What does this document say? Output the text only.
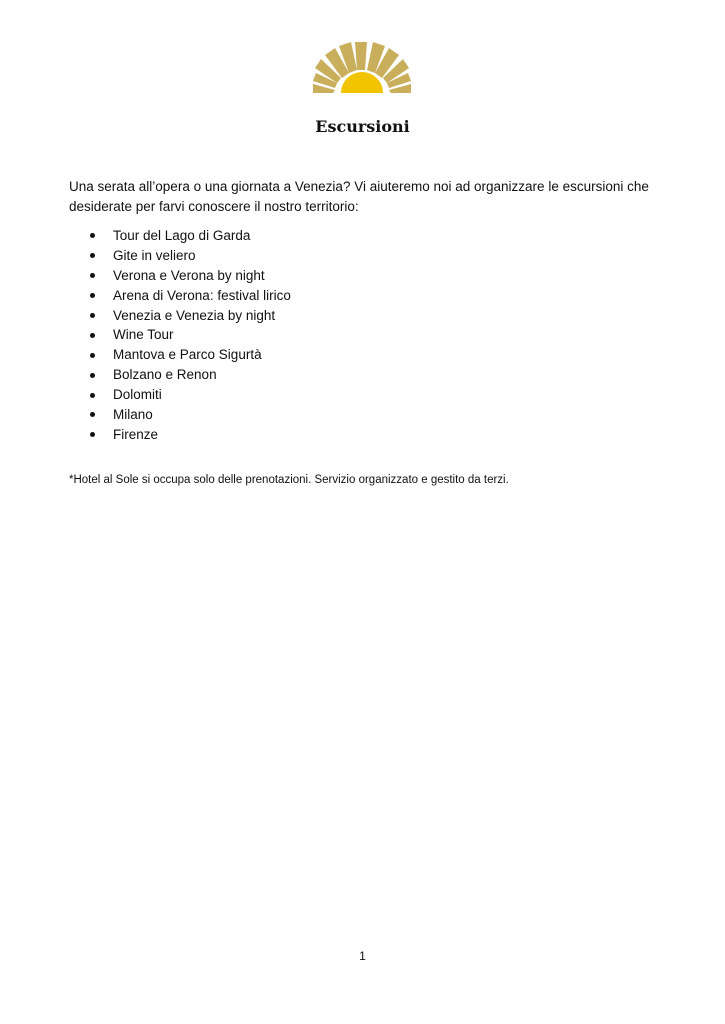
Escursioni

Una serata all’opera o una giornata a Venezia? Vi aiuteremo noi ad organizzare le escursioni che desiderate per farvi conoscere il nostro territorio:

Tour del Lago di Garda
Gite in veliero
Verona e Verona by night
Arena di Verona: festival lirico
Venezia e Venezia by night
Wine Tour
Mantova e Parco Sigurtà
Bolzano e Renon
Dolomiti
Milano
Firenze

*Hotel al Sole si occupa solo delle prenotazioni. Servizio organizzato e gestito da terzi.

1
